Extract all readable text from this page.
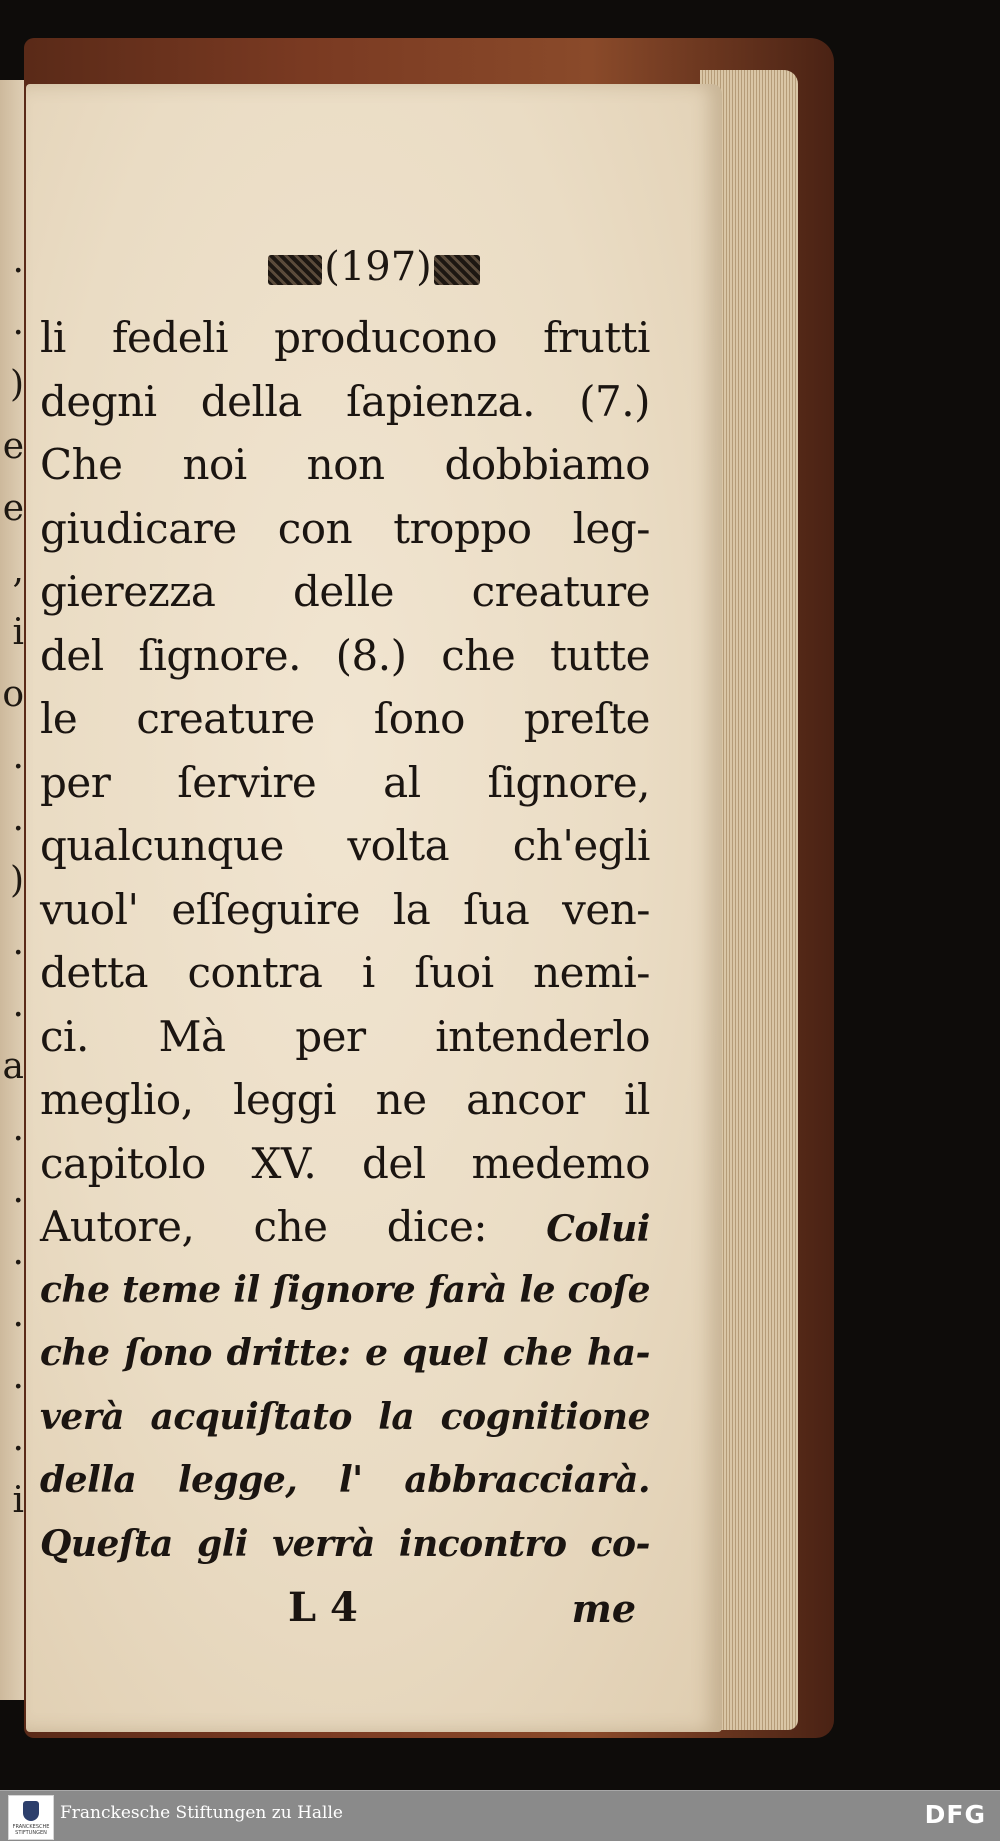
.
.
)
e
e
,
i
o
.
.
)
.
.
a
.
.
.
.
.
.
i
(197)
li fedeli producono frutti
degni della ſapienza. (7.)
Che noi non dobbiamo
giudicare con troppo leg-
gierezza delle creature
del ſignore. (8.) che tutte
le creature ſono preſte
per ſervire al ſignore,
qualcunque volta ch'egli
vuol' eſſeguire la ſua ven-
detta contra i ſuoi nemi-
ci. Mà per intenderlo
meglio, leggi ne ancor il
capitolo XV. del medemo
Autore, che dice: Colui
che teme il ſignore farà le coſe
che ſono dritte: e quel che ha-
verà acquiſtato la cognitione
della legge, l' abbracciarà.
Queſta gli verrà incontro co-
L 4	me
FRANCKESCHE STIFTUNGEN
Franckesche Stiftungen zu Halle	DFG
